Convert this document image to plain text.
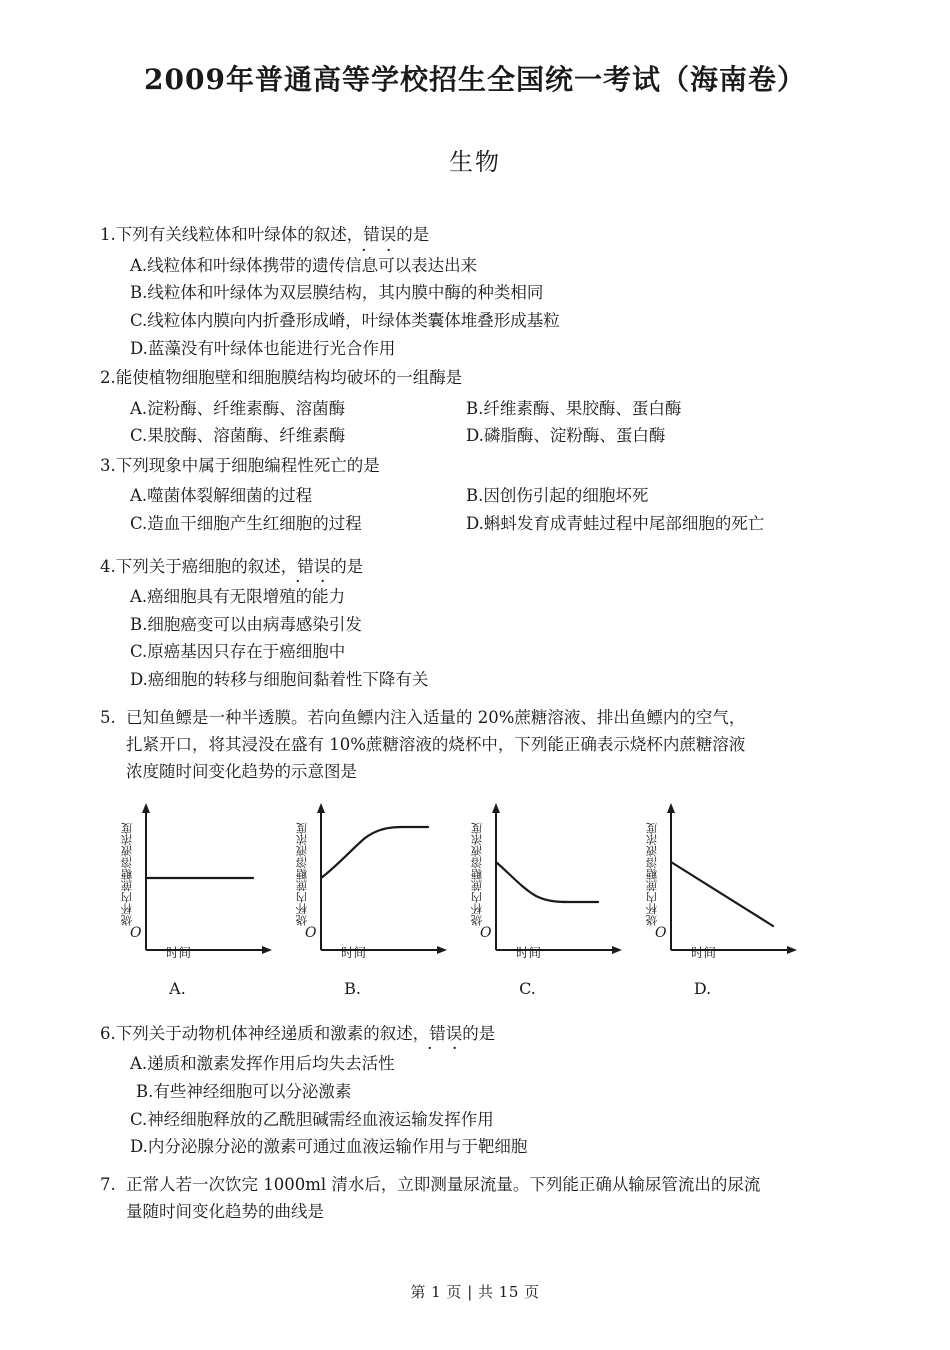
2009年普通高等学校招生全国统一考试（海南卷）
生物
1.下列有关线粒体和叶绿体的叙述，错误 · ·的是
A.线粒体和叶绿体携带的遗传信息可以表达出来
B.线粒体和叶绿体为双层膜结构，其内膜中酶的种类相同
C.线粒体内膜向内折叠形成嵴，叶绿体类囊体堆叠形成基粒
D.蓝藻没有叶绿体也能进行光合作用
2.能使植物细胞壁和细胞膜结构均破坏的一组酶是
A.淀粉酶、纤维素酶、溶菌酶	B.纤维素酶、果胶酶、蛋白酶
C.果胶酶、溶菌酶、纤维素酶	D.磷脂酶、淀粉酶、蛋白酶
3.下列现象中属于细胞编程性死亡的是
A.噬菌体裂解细菌的过程	B.因创伤引起的细胞坏死
C.造血干细胞产生红细胞的过程	D.蝌蚪发育成青蛙过程中尾部细胞的死亡
4.下列关于癌细胞的叙述，错误 · ·的是
A.癌细胞具有无限增殖的能力
B.细胞癌变可以由病毒感染引发
C.原癌基因只存在于癌细胞中
D.癌细胞的转移与细胞间黏着性下降有关
5. 已知鱼鳔是一种半透膜。若向鱼鳔内注入适量的 20%蔗糖溶液、排出鱼鳔内的空气，
扎紧开口，将其浸没在盛有 10%蔗糖溶液的烧杯中，下列能正确表示烧杯内蔗糖溶液
浓度随时间变化趋势的示意图是
烧杯内蔗糖溶液浓度
O
时间
A.
烧杯内蔗糖溶液浓度
O
时间
B.
烧杯内蔗糖溶液浓度
O
时间
C.
烧杯内蔗糖溶液浓度
O
时间
D.
6.下列关于动物机体神经递质和激素的叙述，错误 · ·的是
A.递质和激素发挥作用后均失去活性
B.有些神经细胞可以分泌激素
C.神经细胞释放的乙酰胆碱需经血液运输发挥作用
D.内分泌腺分泌的激素可通过血液运输作用与于靶细胞
7. 正常人若一次饮完 1000ml 清水后，立即测量尿流量。下列能正确从输尿管流出的尿流
量随时间变化趋势的曲线是
第 1 页 | 共 15 页
